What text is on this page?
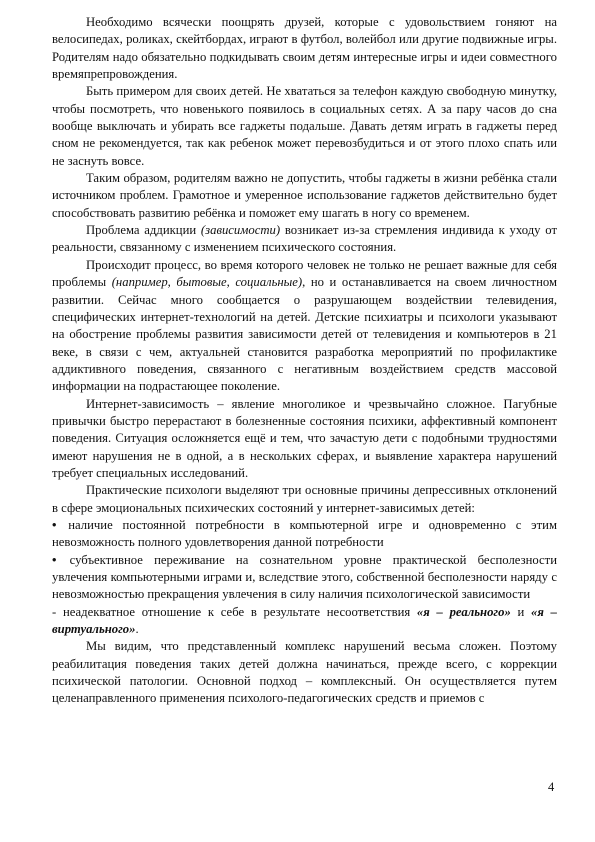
Необходимо всячески поощрять друзей, которые с удовольствием гоняют на велосипедах, роликах, скейтбордах, играют в футбол, волейбол или другие подвижные игры. Родителям надо обязательно подкидывать своим детям интересные игры и идеи совместного времяпрепровождения.

Быть примером для своих детей. Не хвататься за телефон каждую свободную минутку, чтобы посмотреть, что новенького появилось в социальных сетях. А за пару часов до сна вообще выключать и убирать все гаджеты подальше. Давать детям играть в гаджеты перед сном не рекомендуется, так как ребенок может перевозбудиться и от этого плохо спать или не заснуть вовсе.

Таким образом, родителям важно не допустить, чтобы гаджеты в жизни ребёнка стали источником проблем. Грамотное и умеренное использование гаджетов действительно будет способствовать развитию ребёнка и поможет ему шагать в ногу со временем.

Проблема аддикции (зависимости) возникает из-за стремления индивида к уходу от реальности, связанному с изменением психического состояния.

Происходит процесс, во время которого человек не только не решает важные для себя проблемы (например, бытовые, социальные), но и останавливается на своем личностном развитии. Сейчас много сообщается о разрушающем воздействии телевидения, специфических интернет-технологий на детей. Детские психиатры и психологи указывают на обострение проблемы развития зависимости детей от телевидения и компьютеров в 21 веке, в связи с чем, актуальней становится разработка мероприятий по профилактике аддиктивного поведения, связанного с негативным воздействием средств массовой информации на подрастающее поколение.

Интернет-зависимость – явление многоликое и чрезвычайно сложное. Пагубные привычки быстро перерастают в болезненные состояния психики, аффективный компонент поведения. Ситуация осложняется ещё и тем, что зачастую дети с подобными трудностями имеют нарушения не в одной, а в нескольких сферах, и выявление характера нарушений требует специальных исследований.

Практические психологи выделяют три основные причины депрессивных отклонений в сфере эмоциональных психических состояний у интернет-зависимых детей:

• наличие постоянной потребности в компьютерной игре и одновременно с этим невозможность полного удовлетворения данной потребности

• субъективное переживание на сознательном уровне практической бесполезности увлечения компьютерными играми и, вследствие этого, собственной бесполезности наряду с невозможностью прекращения увлечения в силу наличия психологической зависимости

- неадекватное отношение к себе в результате несоответствия «я – реального» и «я – виртуального».

Мы видим, что представленный комплекс нарушений весьма сложен. Поэтому реабилитация поведения таких детей должна начинаться, прежде всего, с коррекции психической патологии. Основной подход – комплексный. Он осуществляется путем целенаправленного применения психолого-педагогических средств и приемов с

4
